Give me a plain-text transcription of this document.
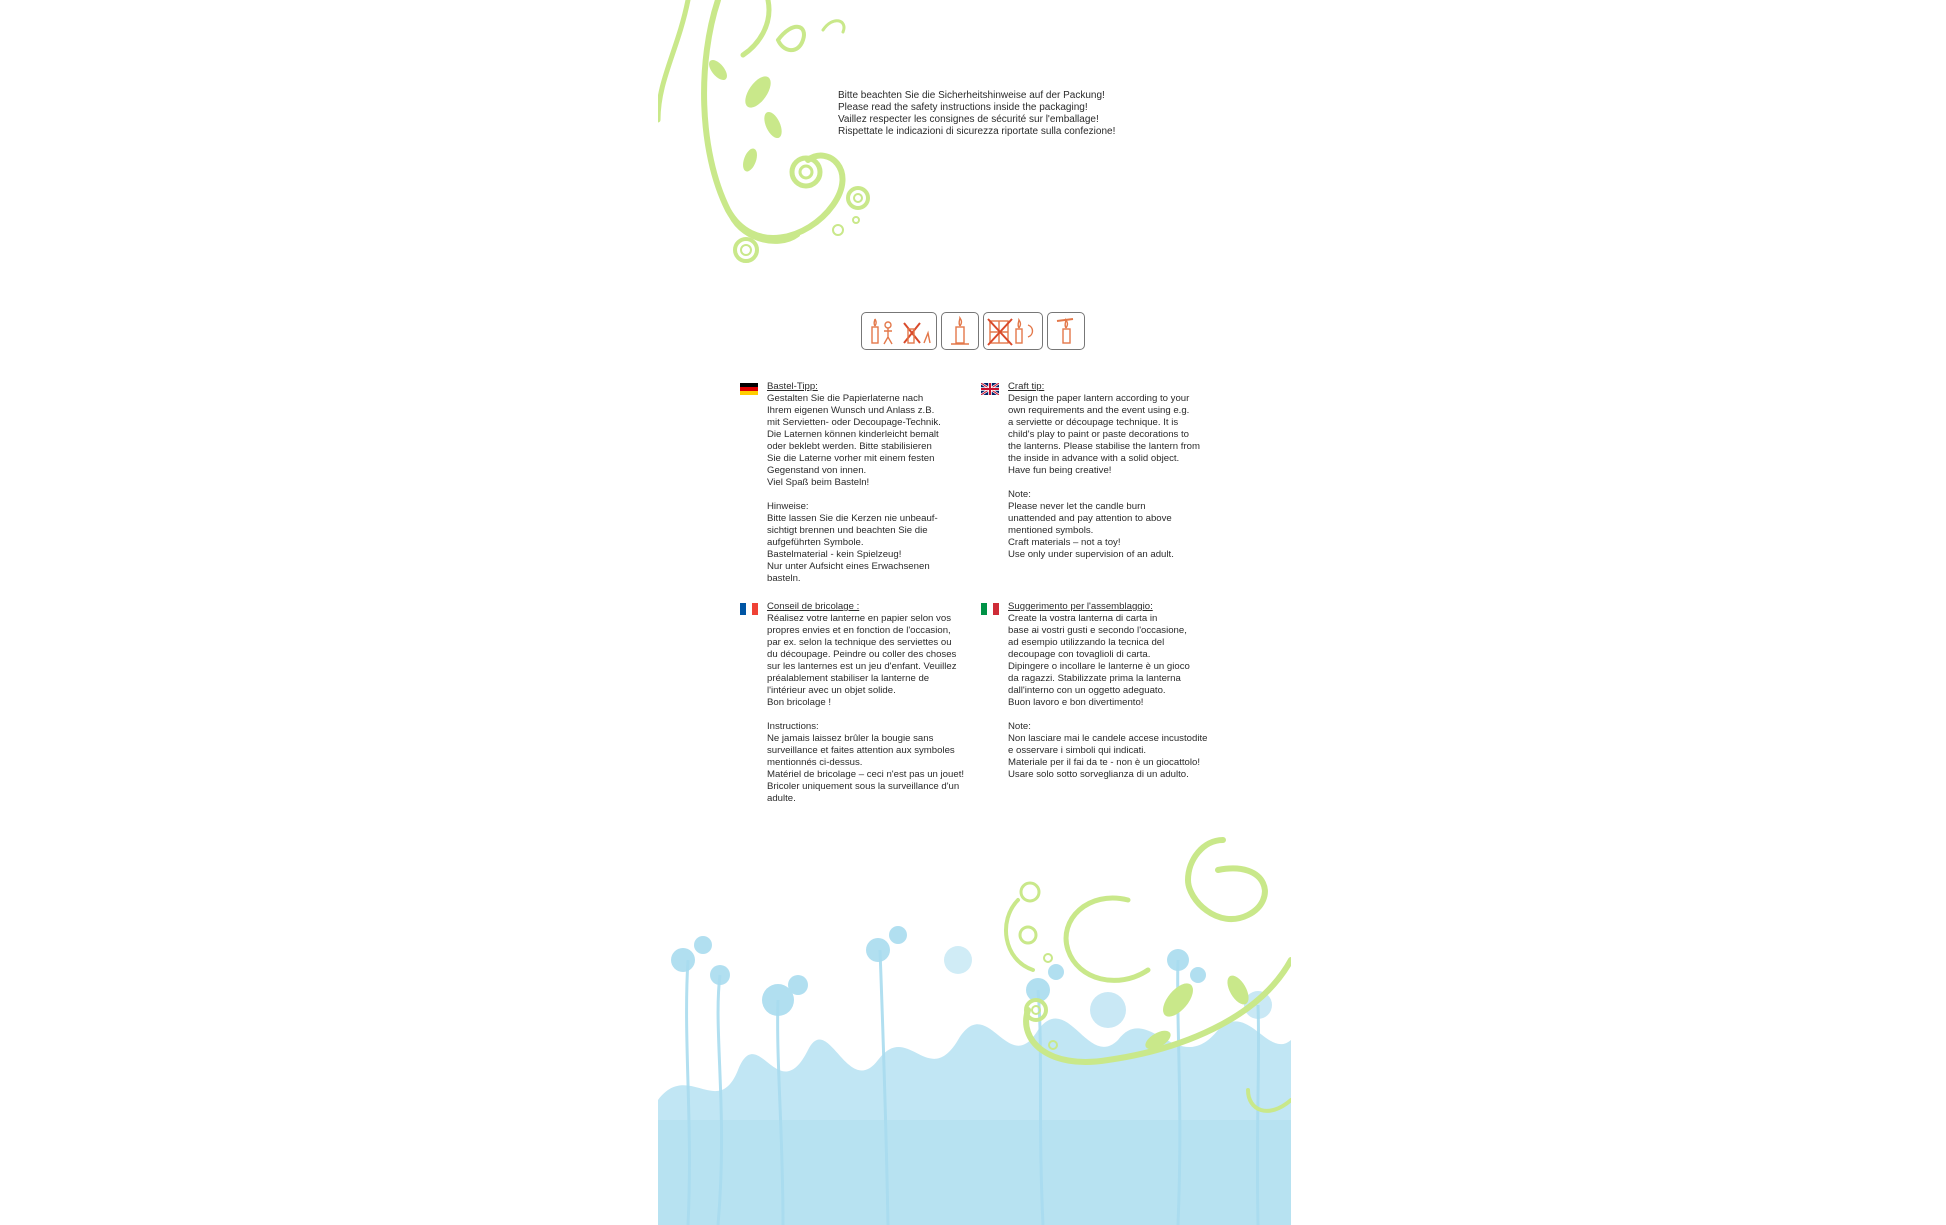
Bitte beachten Sie die Sicherheitshinweise auf der Packung!
Please read the safety instructions inside the packaging!
Vaillez respecter les consignes de sécurité sur l'emballage!
Rispettate le indicazioni di sicurezza riportate sulla confezione!

Bastel-Tipp:

Gestalten Sie die Papierlaterne nach
Ihrem eigenen Wunsch und Anlass z.B.
mit Servietten- oder Decoupage-Technik.
Die Laternen können kinderleicht bemalt
oder beklebt werden. Bitte stabilisieren
Sie die Laterne vorher mit einem festen
Gegenstand von innen.
Viel Spaß beim Basteln!

Hinweise:

Bitte lassen Sie die Kerzen nie unbeauf-
sichtigt brennen und beachten Sie die
aufgeführten Symbole.
Bastelmaterial - kein Spielzeug!
Nur unter Aufsicht eines Erwachsenen
basteln.

Craft tip:

Design the paper lantern according to your
own requirements and the event using e.g.
a serviette or découpage technique. It is
child's play to paint or paste decorations to
the lanterns. Please stabilise the lantern from
the inside in advance with a solid object.
Have fun being creative!

Note:

Please never let the candle burn
unattended and pay attention to above
mentioned symbols.
Craft materials – not a toy!
Use only under supervision of an adult.

Conseil de bricolage :

Réalisez votre lanterne en papier selon vos
propres envies et en fonction de l'occasion,
par ex. selon la technique des serviettes ou
du découpage. Peindre ou coller des choses
sur les lanternes est un jeu d'enfant. Veuillez
préalablement stabiliser la lanterne de
l'intérieur avec un objet solide.
Bon bricolage !

Instructions:

Ne jamais laissez brûler la bougie sans
surveillance et faites attention aux symboles
mentionnés ci-dessus.
Matériel de bricolage – ceci n'est pas un jouet!
Bricoler uniquement sous la surveillance d'un
adulte.

Suggerimento per l'assemblaggio:

Create la vostra lanterna di carta in
base ai vostri gusti e secondo l'occasione,
ad esempio utilizzando la tecnica del
decoupage con tovaglioli di carta.
Dipingere o incollare le lanterne è un gioco
da ragazzi. Stabilizzate prima la lanterna
dall'interno con un oggetto adeguato.
Buon lavoro e bon divertimento!

Note:

Non lasciare mai le candele accese incustodite
e osservare i simboli qui indicati.
Materiale per il fai da te - non è un giocattolo!
Usare solo sotto sorveglianza di un adulto.
